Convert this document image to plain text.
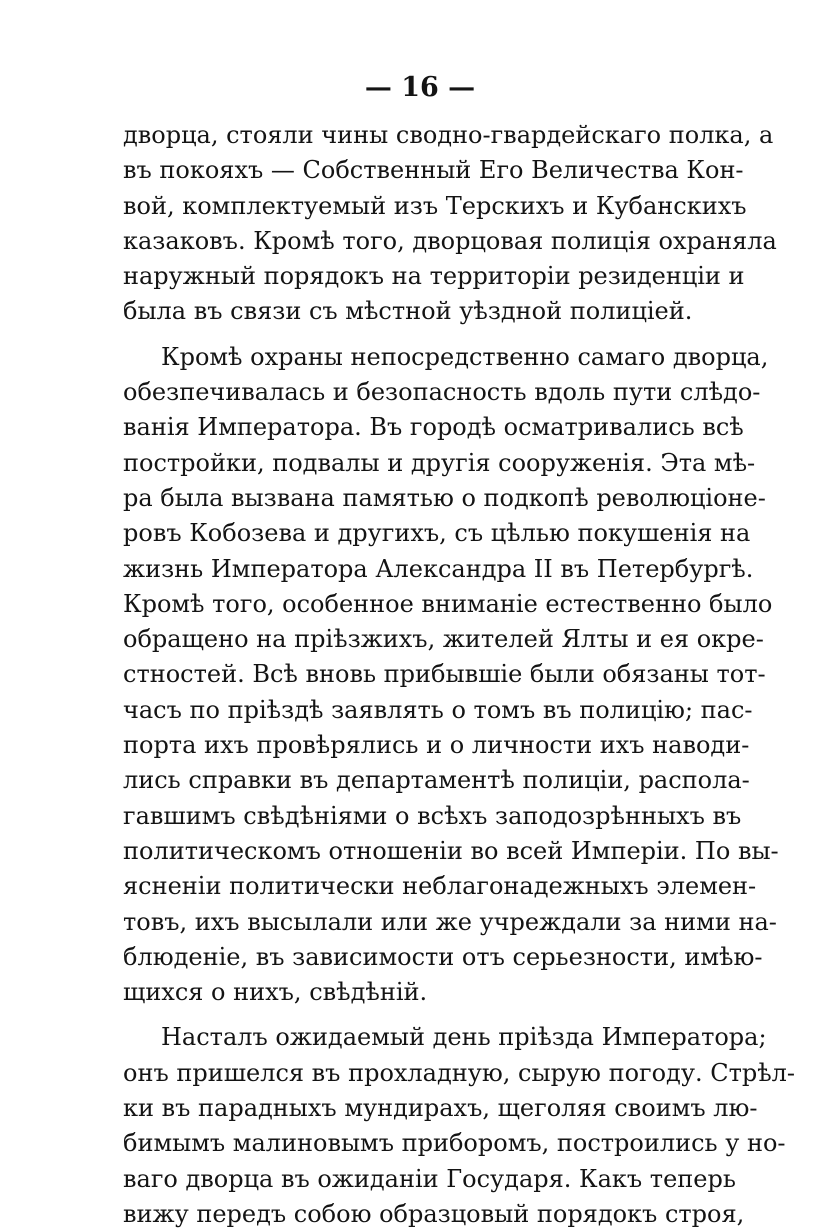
— 16 —
дворца, стояли чины сводно-гвардейскаго полка, а
въ покояхъ — Собственный Его Величества Кон-
вой, комплектуемый изъ Терскихъ и Кубанскихъ
казаковъ. Кромѣ того, дворцовая полиція охраняла
наружный порядокъ на территоріи резиденціи и
была въ связи съ мѣстной уѣздной полиціей.
Кромѣ охраны непосредственно самаго дворца,
обезпечивалась и безопасность вдоль пути слѣдо-
ванія Императора. Въ городѣ осматривались всѣ
постройки, подвалы и другія сооруженія. Эта мѣ-
ра была вызвана памятью о подкопѣ революціоне-
ровъ Кобозева и другихъ, съ цѣлью покушенія на
жизнь Императора Александра II въ Петербургѣ.
Кромѣ того, особенное вниманіе естественно было
обращено на пріѣзжихъ, жителей Ялты и ея окре-
стностей. Всѣ вновь прибывшіе были обязаны тот-
часъ по пріѣздѣ заявлять о томъ въ полицію; пас-
порта ихъ провѣрялись и о личности ихъ наводи-
лись справки въ департаментѣ полиціи, распола-
гавшимъ свѣдѣніями о всѣхъ заподозрѣнныхъ въ
политическомъ отношеніи во всей Имперіи. По вы-
ясненіи политически неблагонадежныхъ элемен-
товъ, ихъ высылали или же учреждали за ними на-
блюденіе, въ зависимости отъ серьезности, имѣю-
щихся о нихъ, свѣдѣній.
Насталъ ожидаемый день пріѣзда Императора;
онъ пришелся въ прохладную, сырую погоду. Стрѣл-
ки въ парадныхъ мундирахъ, щеголяя своимъ лю-
бимымъ малиновымъ приборомъ, построились у но-
ваго дворца въ ожиданіи Государя. Какъ теперь
вижу передъ собою образцовый порядокъ строя,
